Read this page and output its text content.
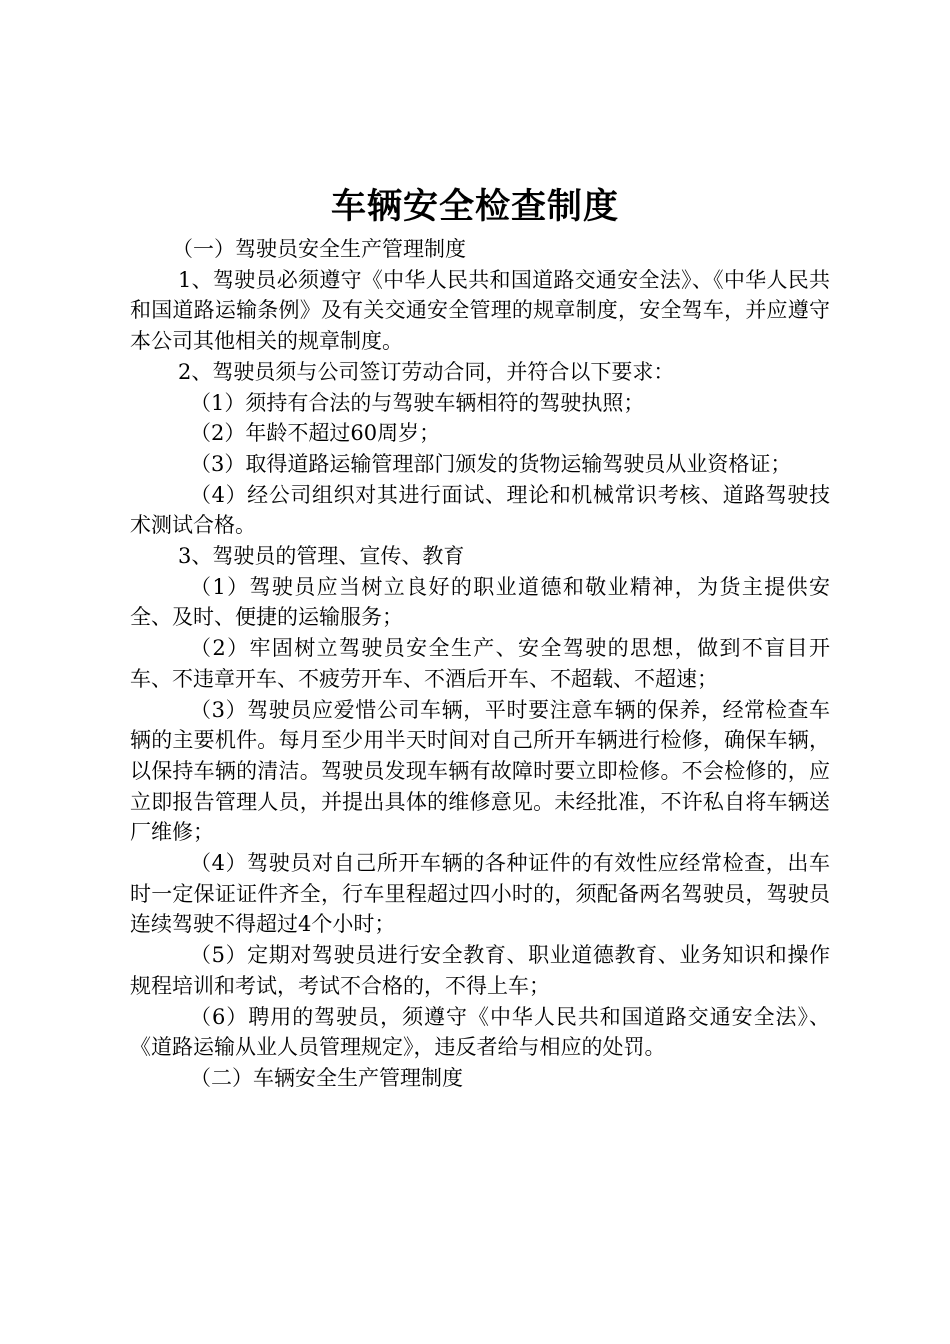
车辆安全检查制度

（一）驾驶员安全生产管理制度

1、驾驶员必须遵守《中华人民共和国道路交通安全法》、《中华人民共和国道路运输条例》及有关交通安全管理的规章制度，安全驾车，并应遵守本公司其他相关的规章制度。

2、驾驶员须与公司签订劳动合同，并符合以下要求：

（1）须持有合法的与驾驶车辆相符的驾驶执照；

（2）年龄不超过60周岁；

（3）取得道路运输管理部门颁发的货物运输驾驶员从业资格证；

（4）经公司组织对其进行面试、理论和机械常识考核、道路驾驶技术测试合格。

3、驾驶员的管理、宣传、教育

（1）驾驶员应当树立良好的职业道德和敬业精神，为货主提供安全、及时、便捷的运输服务；

（2）牢固树立驾驶员安全生产、安全驾驶的思想，做到不盲目开车、不违章开车、不疲劳开车、不酒后开车、不超载、不超速；

（3）驾驶员应爱惜公司车辆，平时要注意车辆的保养，经常检查车辆的主要机件。每月至少用半天时间对自己所开车辆进行检修，确保车辆，以保持车辆的清洁。驾驶员发现车辆有故障时要立即检修。不会检修的，应立即报告管理人员，并提出具体的维修意见。未经批准，不许私自将车辆送厂维修；

（4）驾驶员对自己所开车辆的各种证件的有效性应经常检查，出车时一定保证证件齐全，行车里程超过四小时的，须配备两名驾驶员，驾驶员连续驾驶不得超过4个小时；

（5）定期对驾驶员进行安全教育、职业道德教育、业务知识和操作规程培训和考试，考试不合格的，不得上车；

（6）聘用的驾驶员，须遵守《中华人民共和国道路交通安全法》、《道路运输从业人员管理规定》，违反者给与相应的处罚。

（二）车辆安全生产管理制度
